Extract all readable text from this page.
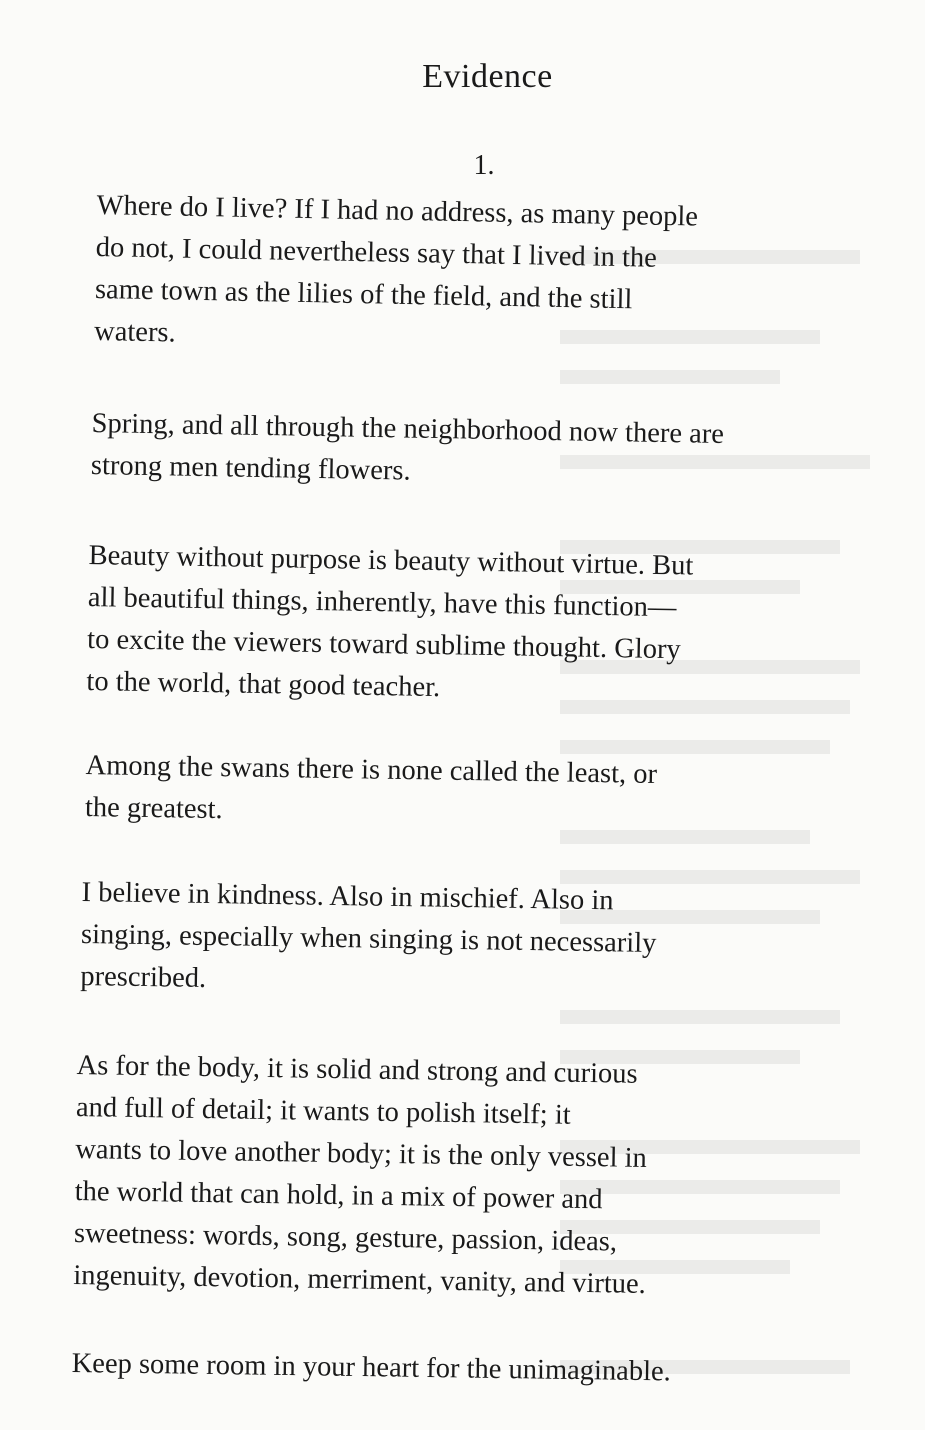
Evidence
1.

Where do I live? If I had no address, as many people
do not, I could nevertheless say that I lived in the
same town as the lilies of the field, and the still
waters.

Spring, and all through the neighborhood now there are
strong men tending flowers.

Beauty without purpose is beauty without virtue. But
all beautiful things, inherently, have this function—
to excite the viewers toward sublime thought. Glory
to the world, that good teacher.

Among the swans there is none called the least, or
the greatest.

I believe in kindness. Also in mischief. Also in
singing, especially when singing is not necessarily
prescribed.

As for the body, it is solid and strong and curious
and full of detail; it wants to polish itself; it
wants to love another body; it is the only vessel in
the world that can hold, in a mix of power and
sweetness: words, song, gesture, passion, ideas,
ingenuity, devotion, merriment, vanity, and virtue.

Keep some room in your heart for the unimaginable.
